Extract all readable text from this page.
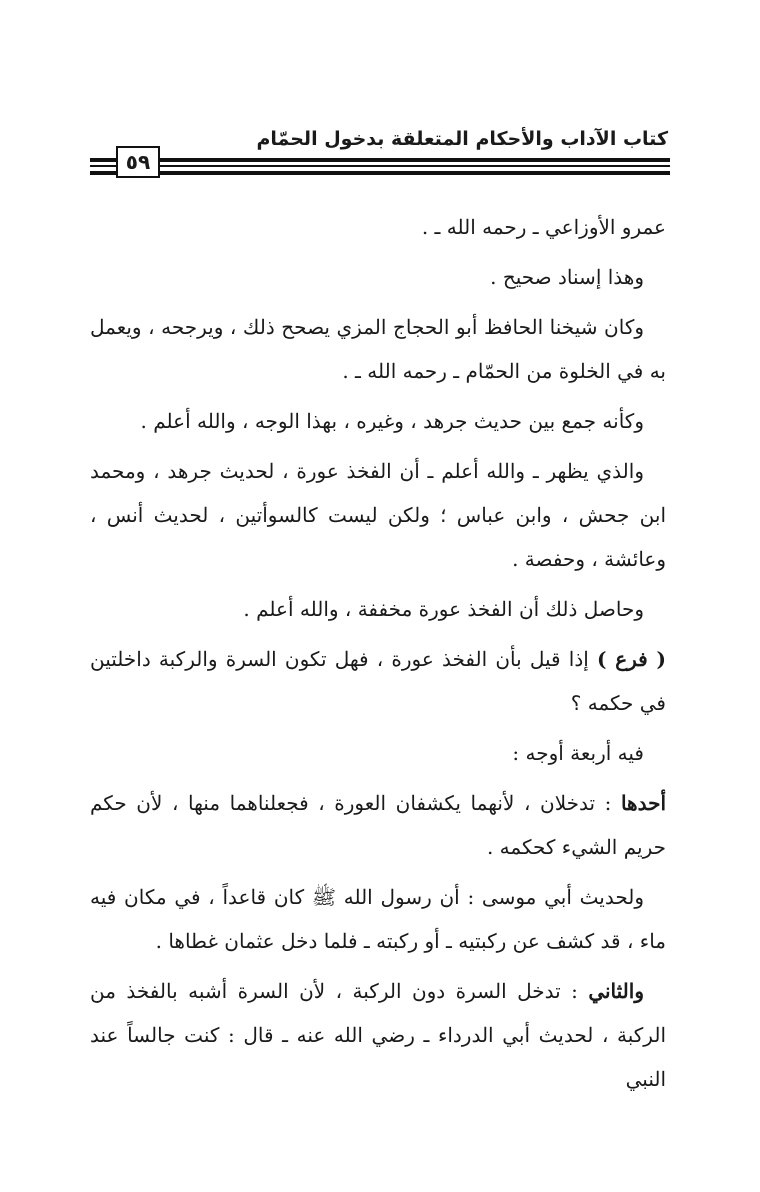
كتاب الآداب والأحكام المتعلقة بدخول الحمّام
٥٩

عمرو الأوزاعي ـ رحمه الله ـ .

وهذا إسناد صحيح .

وكان شيخنا الحافظ أبو الحجاج المزي يصحح ذلك ، ويرجحه ، ويعمل به في الخلوة من الحمّام ـ رحمه الله ـ .

وكأنه جمع بين حديث جرهد ، وغيره ، بهذا الوجه ، والله أعلم .

والذي يظهر ـ والله أعلم ـ أن الفخذ عورة ، لحديث جرهد ، ومحمد ابن جحش ، وابن عباس ؛ ولكن ليست كالسوأتين ، لحديث أنس ، وعائشة ، وحفصة .

وحاصل ذلك أن الفخذ عورة مخففة ، والله أعلم .

( فرع ) إذا قيل بأن الفخذ عورة ، فهل تكون السرة والركبة داخلتين في حكمه ؟

فيه أربعة أوجه :

أحدها : تدخلان ، لأنهما يكشفان العورة ، فجعلناهما منها ، لأن حكم حريم الشيء كحكمه .

ولحديث أبي موسى : أن رسول الله ﷺ كان قاعداً ، في مكان فيه ماء ، قد كشف عن ركبتيه ـ أو ركبته ـ فلما دخل عثمان غطاها .

والثاني : تدخل السرة دون الركبة ، لأن السرة أشبه بالفخذ من الركبة ، لحديث أبي الدرداء ـ رضي الله عنه ـ قال : كنت جالساً عند النبي
